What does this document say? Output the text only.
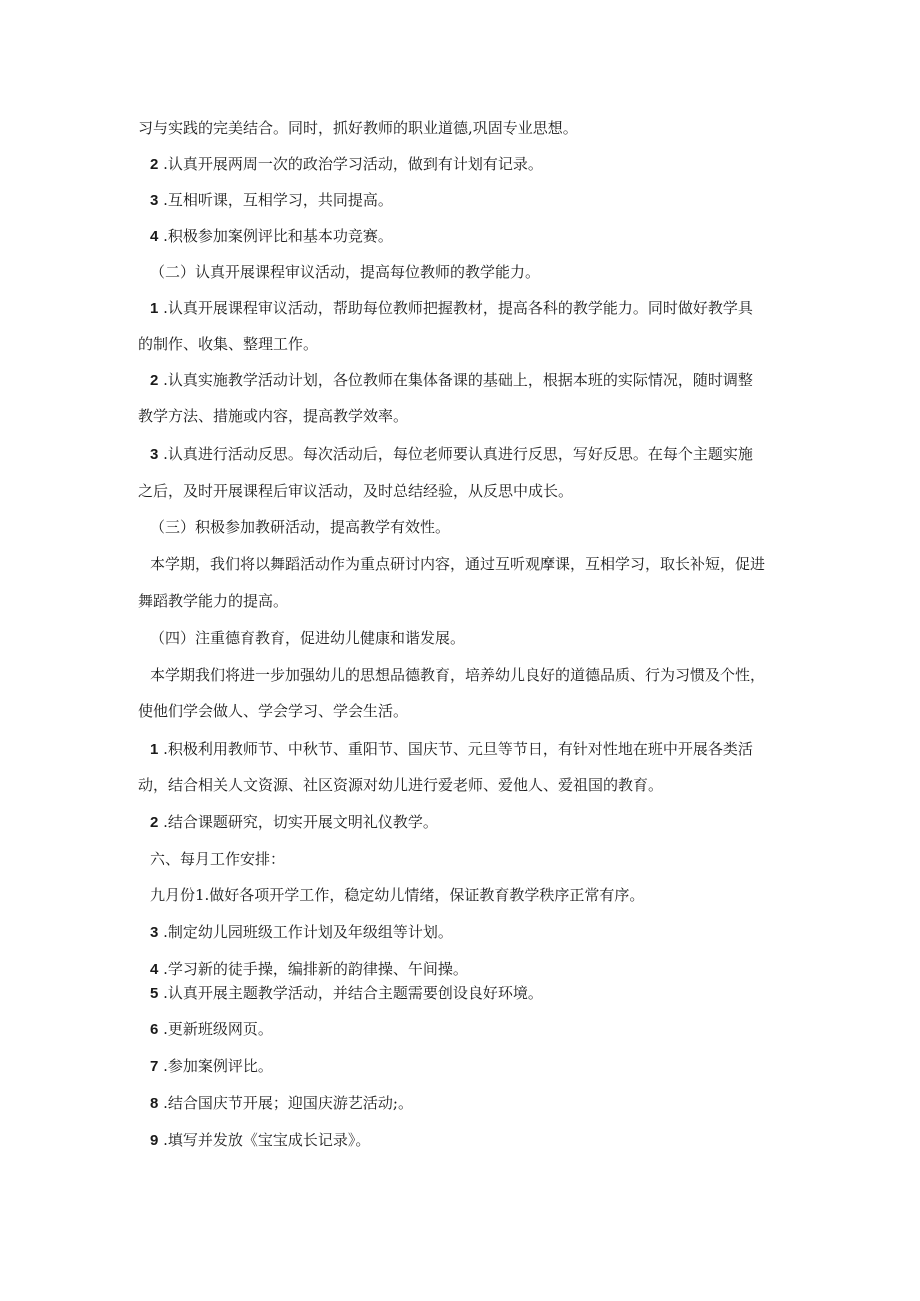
习与实践的完美结合。同时，抓好教师的职业道德,巩固专业思想。
2 .认真开展两周一次的政治学习活动，做到有计划有记录。
3 .互相听课，互相学习，共同提高。
4 .积极参加案例评比和基本功竞赛。
（二）认真开展课程审议活动，提高每位教师的教学能力。
1 .认真开展课程审议活动，帮助每位教师把握教材，提高各科的教学能力。同时做好教学具
的制作、收集、整理工作。
2 .认真实施教学活动计划，各位教师在集体备课的基础上，根据本班的实际情况，随时调整
教学方法、措施或内容，提高教学效率。
3 .认真进行活动反思。每次活动后，每位老师要认真进行反思，写好反思。在每个主题实施
之后，及时开展课程后审议活动，及时总结经验，从反思中成长。
（三）积极参加教研活动，提高教学有效性。
本学期，我们将以舞蹈活动作为重点研讨内容，通过互听观摩课，互相学习，取长补短，促进
舞蹈教学能力的提高。
（四）注重德育教育，促进幼儿健康和谐发展。
本学期我们将进一步加强幼儿的思想品德教育，培养幼儿良好的道德品质、行为习惯及个性，
使他们学会做人、学会学习、学会生活。
1 .积极利用教师节、中秋节、重阳节、国庆节、元旦等节日，有针对性地在班中开展各类活
动，结合相关人文资源、社区资源对幼儿进行爱老师、爱他人、爱祖国的教育。
2 .结合课题研究，切实开展文明礼仪教学。
六、每月工作安排：
九月份1.做好各项开学工作，稳定幼儿情绪，保证教育教学秩序正常有序。
3 .制定幼儿园班级工作计划及年级组等计划。
4 .学习新的徒手操，编排新的韵律操、午间操。
5 .认真开展主题教学活动，并结合主题需要创设良好环境。
6 .更新班级网页。
7 .参加案例评比。
8 .结合国庆节开展；迎国庆游艺活动;。
9 .填写并发放《宝宝成长记录》。
